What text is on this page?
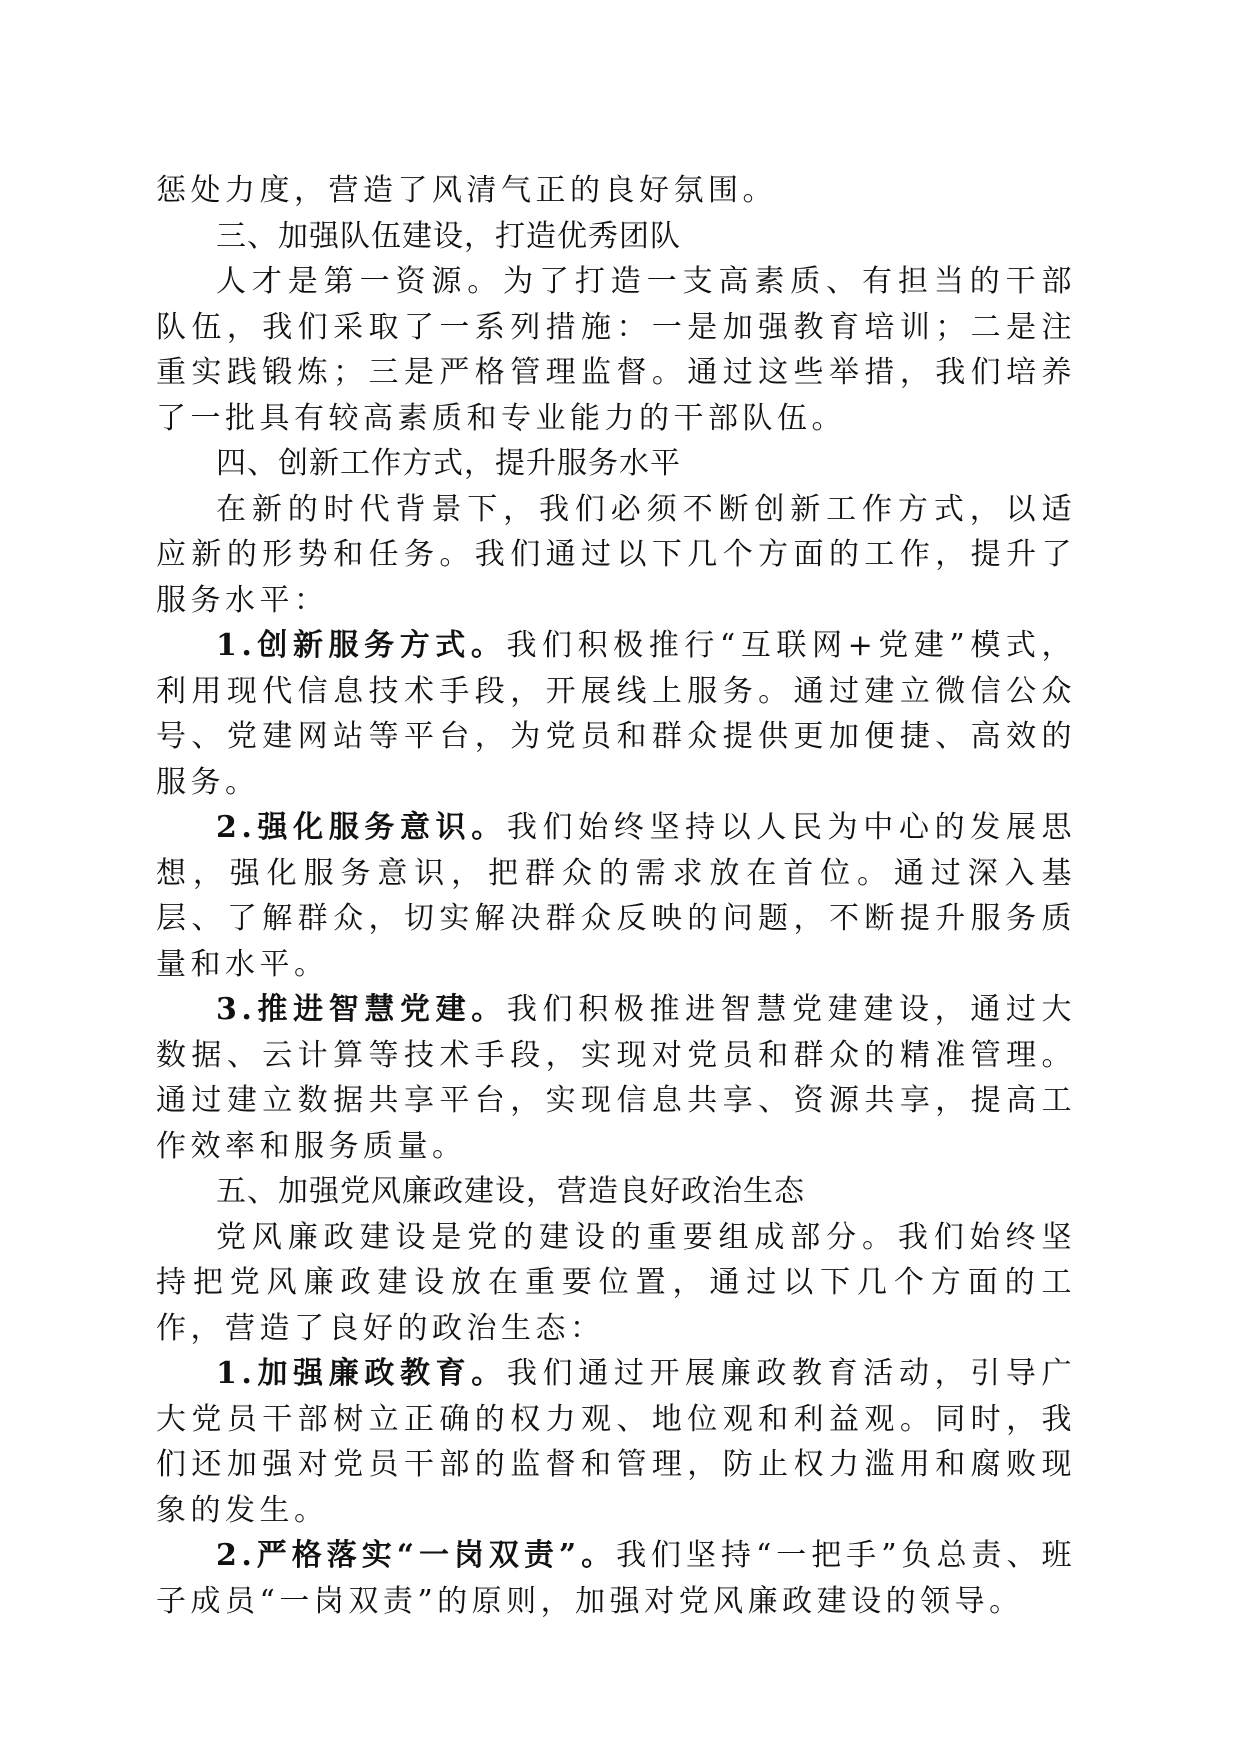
惩处力度，营造了风清气正的良好氛围。

三、加强队伍建设，打造优秀团队

人才是第一资源。为了打造一支高素质、有担当的干部队伍，我们采取了一系列措施：一是加强教育培训；二是注重实践锻炼；三是严格管理监督。通过这些举措，我们培养了一批具有较高素质和专业能力的干部队伍。

四、创新工作方式，提升服务水平

在新的时代背景下，我们必须不断创新工作方式，以适应新的形势和任务。我们通过以下几个方面的工作，提升了服务水平：

1.创新服务方式。我们积极推行“互联网+党建”模式，利用现代信息技术手段，开展线上服务。通过建立微信公众号、党建网站等平台，为党员和群众提供更加便捷、高效的服务。

2.强化服务意识。我们始终坚持以人民为中心的发展思想，强化服务意识，把群众的需求放在首位。通过深入基层、了解群众，切实解决群众反映的问题，不断提升服务质量和水平。

3.推进智慧党建。我们积极推进智慧党建建设，通过大数据、云计算等技术手段，实现对党员和群众的精准管理。通过建立数据共享平台，实现信息共享、资源共享，提高工作效率和服务质量。

五、加强党风廉政建设，营造良好政治生态

党风廉政建设是党的建设的重要组成部分。我们始终坚持把党风廉政建设放在重要位置，通过以下几个方面的工作，营造了良好的政治生态：

1.加强廉政教育。我们通过开展廉政教育活动，引导广大党员干部树立正确的权力观、地位观和利益观。同时，我们还加强对党员干部的监督和管理，防止权力滥用和腐败现象的发生。

2.严格落实“一岗双责”。我们坚持“一把手”负总责、班子成员“一岗双责”的原则，加强对党风廉政建设的领导。
